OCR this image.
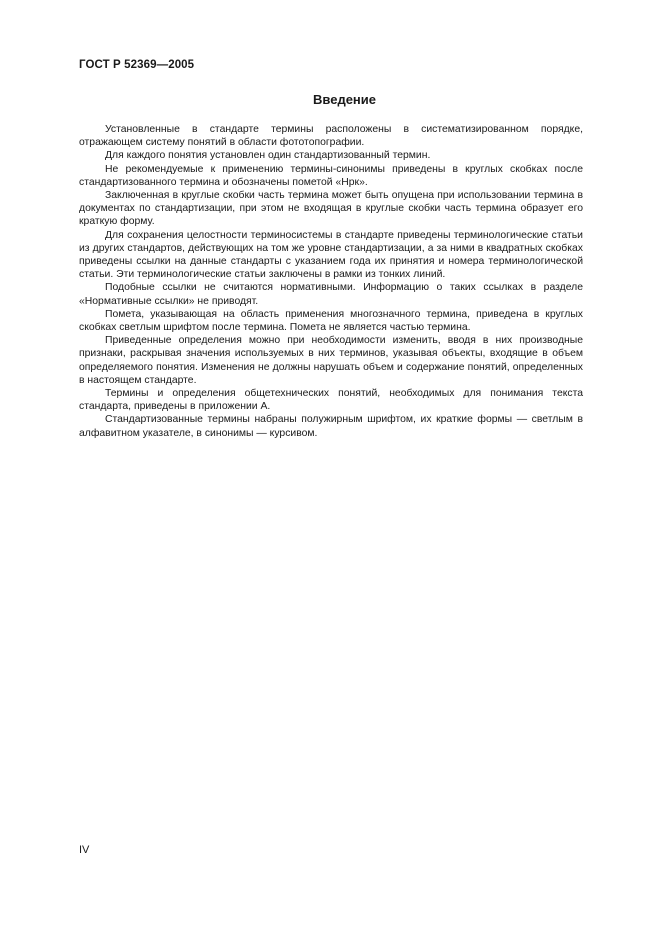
ГОСТ Р 52369—2005
Введение

Установленные в стандарте термины расположены в систематизированном порядке, отражающем систему понятий в области фототопографии.

Для каждого понятия установлен один стандартизованный термин.

Не рекомендуемые к применению термины-синонимы приведены в круглых скобках после стандартизованного термина и обозначены пометой «Нрк».

Заключенная в круглые скобки часть термина может быть опущена при использовании термина в документах по стандартизации, при этом не входящая в круглые скобки часть термина образует его краткую форму.

Для сохранения целостности терминосистемы в стандарте приведены терминологические статьи из других стандартов, действующих на том же уровне стандартизации, а за ними в квадратных скобках приведены ссылки на данные стандарты с указанием года их принятия и номера терминологической статьи. Эти терминологические статьи заключены в рамки из тонких линий.

Подобные ссылки не считаются нормативными. Информацию о таких ссылках в разделе «Нормативные ссылки» не приводят.

Помета, указывающая на область применения многозначного термина, приведена в круглых скобках светлым шрифтом после термина. Помета не является частью термина.

Приведенные определения можно при необходимости изменить, вводя в них производные признаки, раскрывая значения используемых в них терминов, указывая объекты, входящие в объем определяемого понятия. Изменения не должны нарушать объем и содержание понятий, определенных в настоящем стандарте.

Термины и определения общетехнических понятий, необходимых для понимания текста стандарта, приведены в приложении А.

Стандартизованные термины набраны полужирным шрифтом, их краткие формы — светлым в алфавитном указателе, в синонимы — курсивом.

IV
